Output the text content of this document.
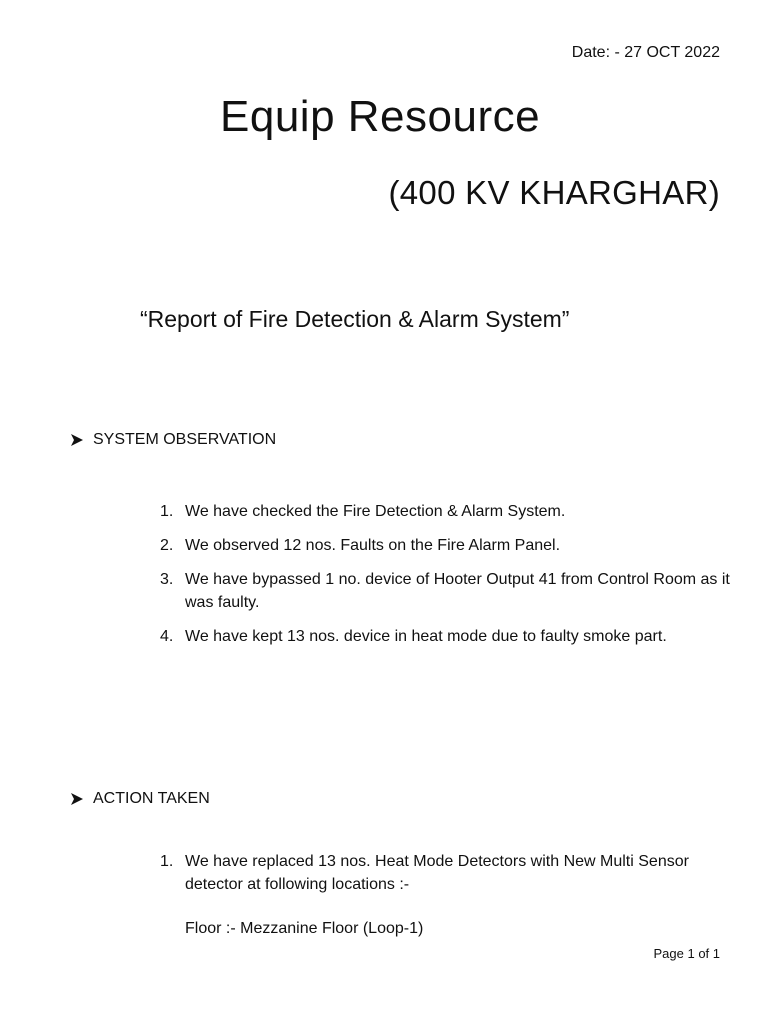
Date: - 27 OCT 2022
Equip Resource
(400 KV KHARGHAR)
“Report of Fire Detection & Alarm System”
SYSTEM OBSERVATION
1. We have checked the Fire Detection & Alarm System.
2. We observed 12 nos. Faults on the Fire Alarm Panel.
3. We have bypassed 1 no. device of Hooter Output 41 from Control Room as it was faulty.
4. We have kept 13 nos. device in heat mode due to faulty smoke part.
ACTION TAKEN
1. We have replaced 13 nos. Heat Mode Detectors with New Multi Sensor detector at following locations :-
Floor :- Mezzanine Floor (Loop-1)
Page 1 of 1
